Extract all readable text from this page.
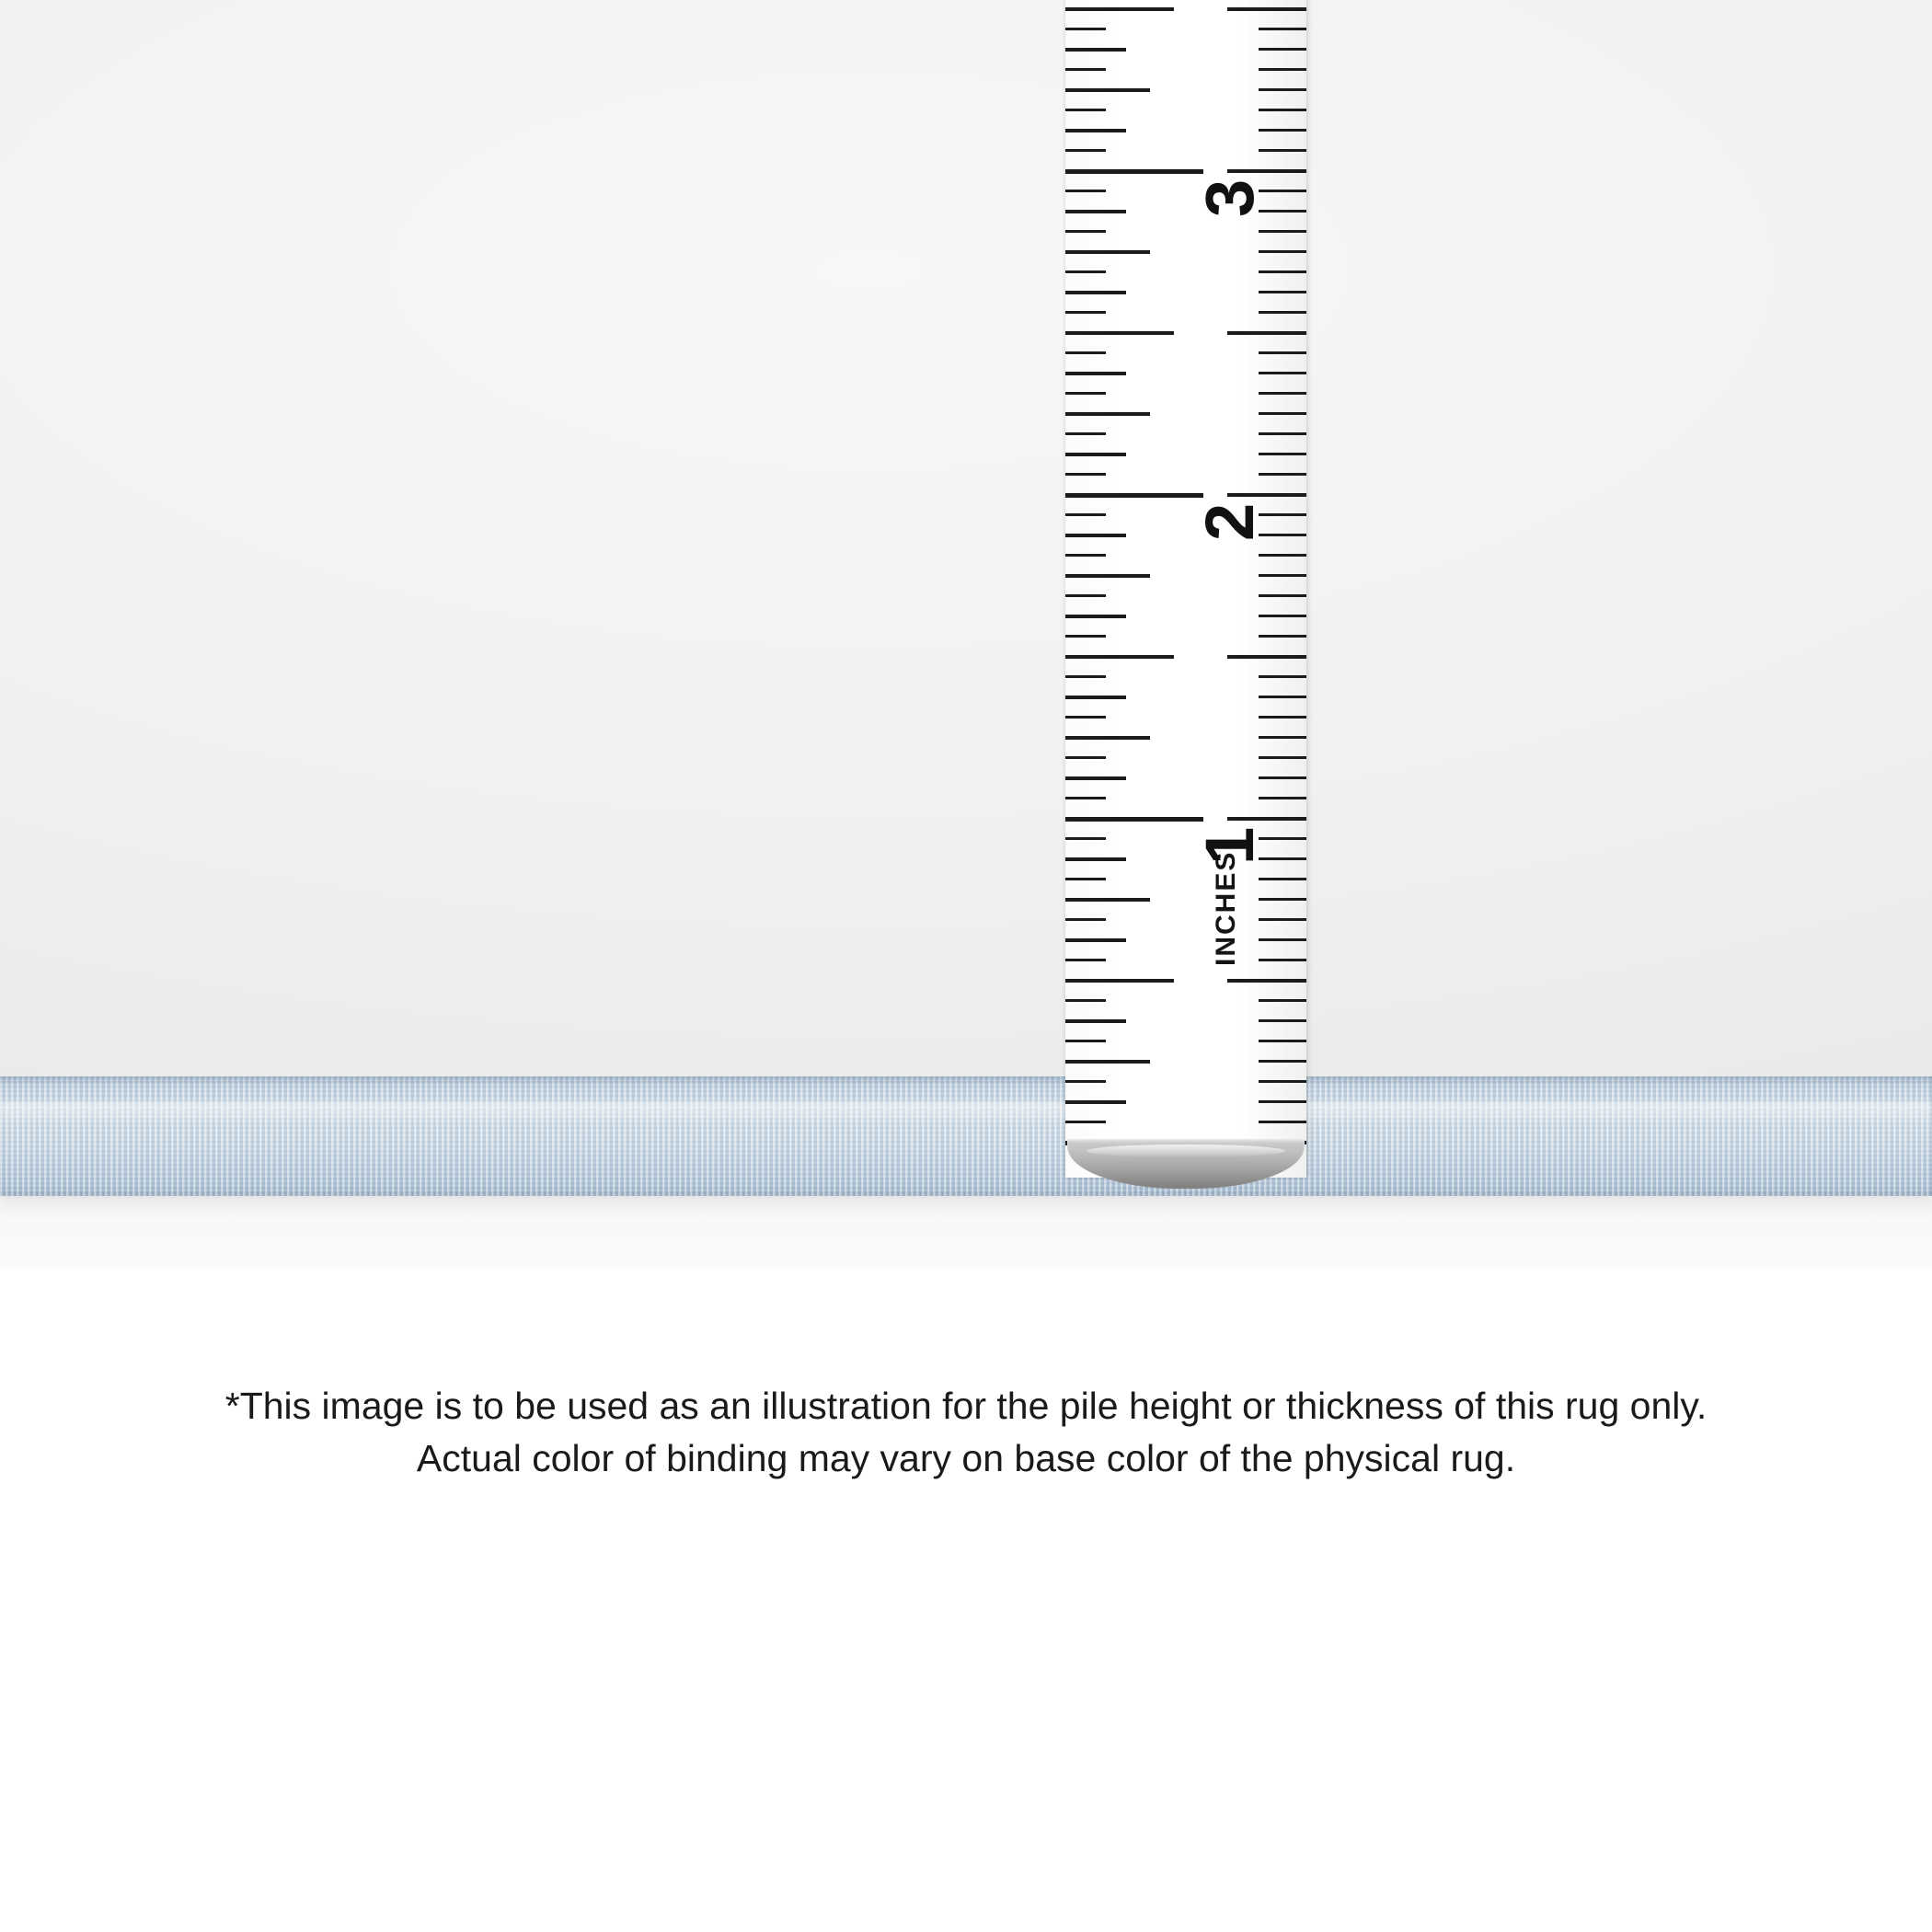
INCHES
1
2
3
*This image is to be used as an illustration for the pile height or thickness of this rug only.
Actual color of binding may vary on base color of the physical rug.
